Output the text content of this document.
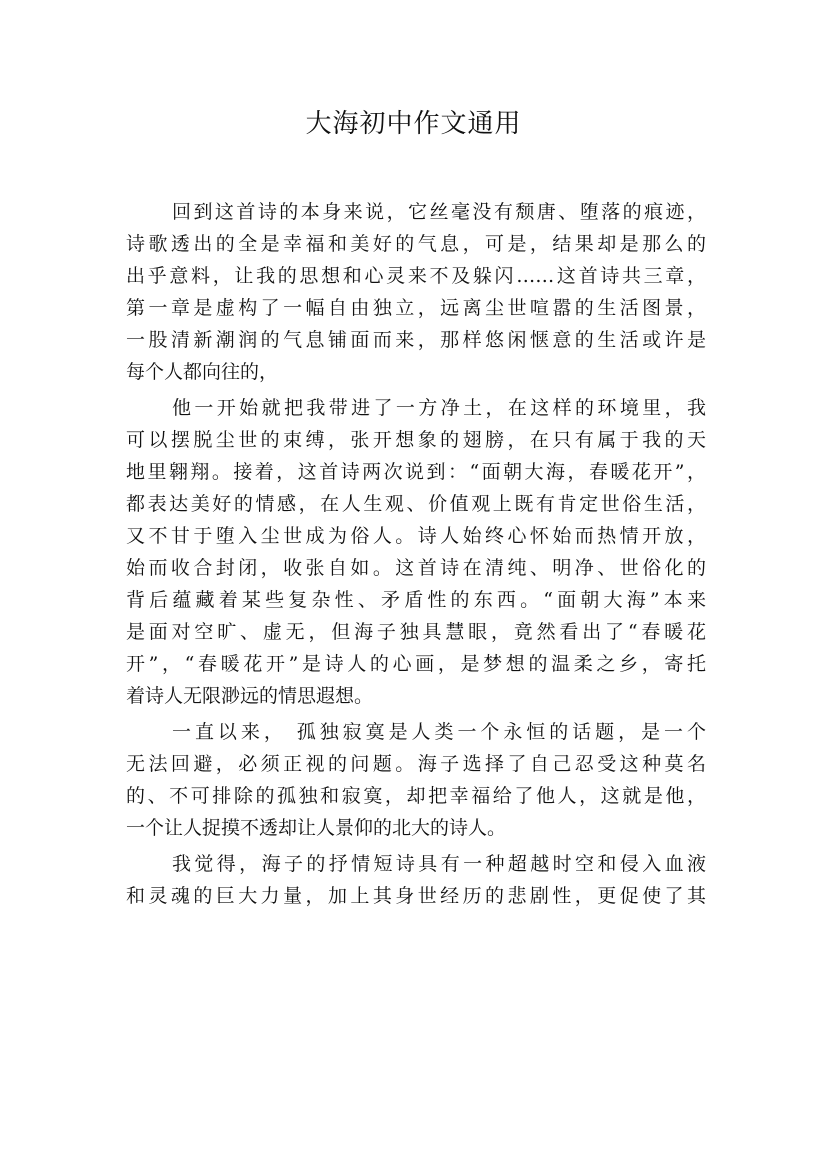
大海初中作文通用
回到这首诗的本身来说，它丝毫没有颓唐、堕落的痕迹，
诗歌透出的全是幸福和美好的气息，可是，结果却是那么的
出乎意料，让我的思想和心灵来不及躲闪……这首诗共三章，
第一章是虚构了一幅自由独立，远离尘世喧嚣的生活图景，
一股清新潮润的气息铺面而来，那样悠闲惬意的生活或许是
每个人都向往的，
他一开始就把我带进了一方净土，在这样的环境里，我
可以摆脱尘世的束缚，张开想象的翅膀，在只有属于我的天
地里翱翔。接着，这首诗两次说到：“面朝大海，春暖花开”，
都表达美好的情感，在人生观、价值观上既有肯定世俗生活，
又不甘于堕入尘世成为俗人。诗人始终心怀始而热情开放，
始而收合封闭，收张自如。这首诗在清纯、明净、世俗化的
背后蕴藏着某些复杂性、矛盾性的东西。“面朝大海”本来
是面对空旷、虚无，但海子独具慧眼，竟然看出了“春暖花
开”，“春暖花开”是诗人的心画，是梦想的温柔之乡，寄托
着诗人无限渺远的情思遐想。
一直以来， 孤独寂寞是人类一个永恒的话题，是一个
无法回避，必须正视的问题。海子选择了自己忍受这种莫名
的、不可排除的孤独和寂寞，却把幸福给了他人，这就是他，
一个让人捉摸不透却让人景仰的北大的诗人。
我觉得，海子的抒情短诗具有一种超越时空和侵入血液
和灵魂的巨大力量，加上其身世经历的悲剧性，更促使了其
